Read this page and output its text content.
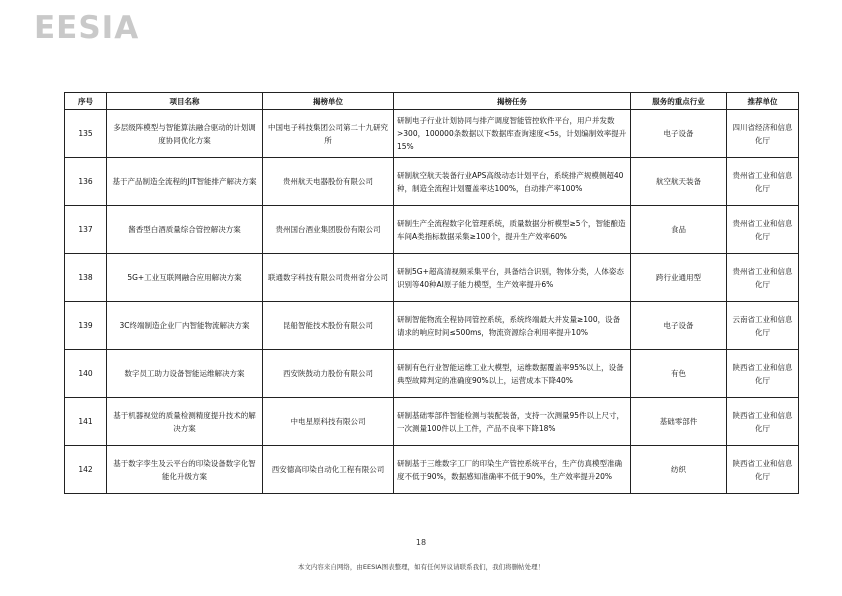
EESIA
序号	项目名称	揭榜单位	揭榜任务	服务的重点行业	推荐单位
135	多层级阵模型与智能算法融合驱动的计划调度协同优化方案	中国电子科技集团公司第二十九研究所	研制电子行业计划协同与排产调度智能管控软件平台，用户并发数>300，100000条数据以下数据库查询速度<5s，计划编制效率提升15%	电子设备	四川省经济和信息化厅
136	基于产品制造全流程的JIT智能排产解决方案	贵州航天电器股份有限公司	研制航空航天装备行业APS高级动态计划平台，系统排产规模侧超40种，制造全流程计划覆盖率达100%，自动排产率100%	航空航天装备	贵州省工业和信息化厅
137	酱香型白酒质量综合管控解决方案	贵州国台酒业集团股份有限公司	研制生产全流程数字化管理系统，质量数据分析模型≥5个，智能酿造车间A类指标数据采集≥100个，提升生产效率60%	食品	贵州省工业和信息化厅
138	5G+工业互联网融合应用解决方案	联通数字科技有限公司贵州省分公司	研制5G+超高清视频采集平台，具备结合识别，物体分类，人体姿态识别等40种AI原子能力模型，生产效率提升6%	跨行业通用型	贵州省工业和信息化厅
139	3C终端制造企业厂内智能物流解决方案	昆船智能技术股份有限公司	研制智能物流全程协同管控系统，系统终端最大并发量≥100，设备请求的响应时间≤500ms，物流资源综合利用率提升10%	电子设备	云南省工业和信息化厅
140	数字员工助力设备智能运维解决方案	西安陕鼓动力股份有限公司	研制有色行业智能运维工业大模型，运维数据覆盖率95%以上，设备典型故障判定的准确度90%以上，运营成本下降40%	有色	陕西省工业和信息化厅
141	基于机器视觉的质量检测精度提升技术的解决方案	中电星原科技有限公司	研制基础零部件智能检测与装配装备，支持一次测量95件以上尺寸，一次测量100件以上工件，产品不良率下降18%	基础零部件	陕西省工业和信息化厅
142	基于数字孪生及云平台的印染设备数字化智能化升级方案	西安德高印染自动化工程有限公司	研制基于三维数字工厂的印染生产管控系统平台，生产仿真模型准确度不低于90%，数据感知准确率不低于90%，生产效率提升20%	纺织	陕西省工业和信息化厅
18
本文内容来自网络，由EESIA图表整理，如有任何异议请联系我们，我们将删帖处理！
